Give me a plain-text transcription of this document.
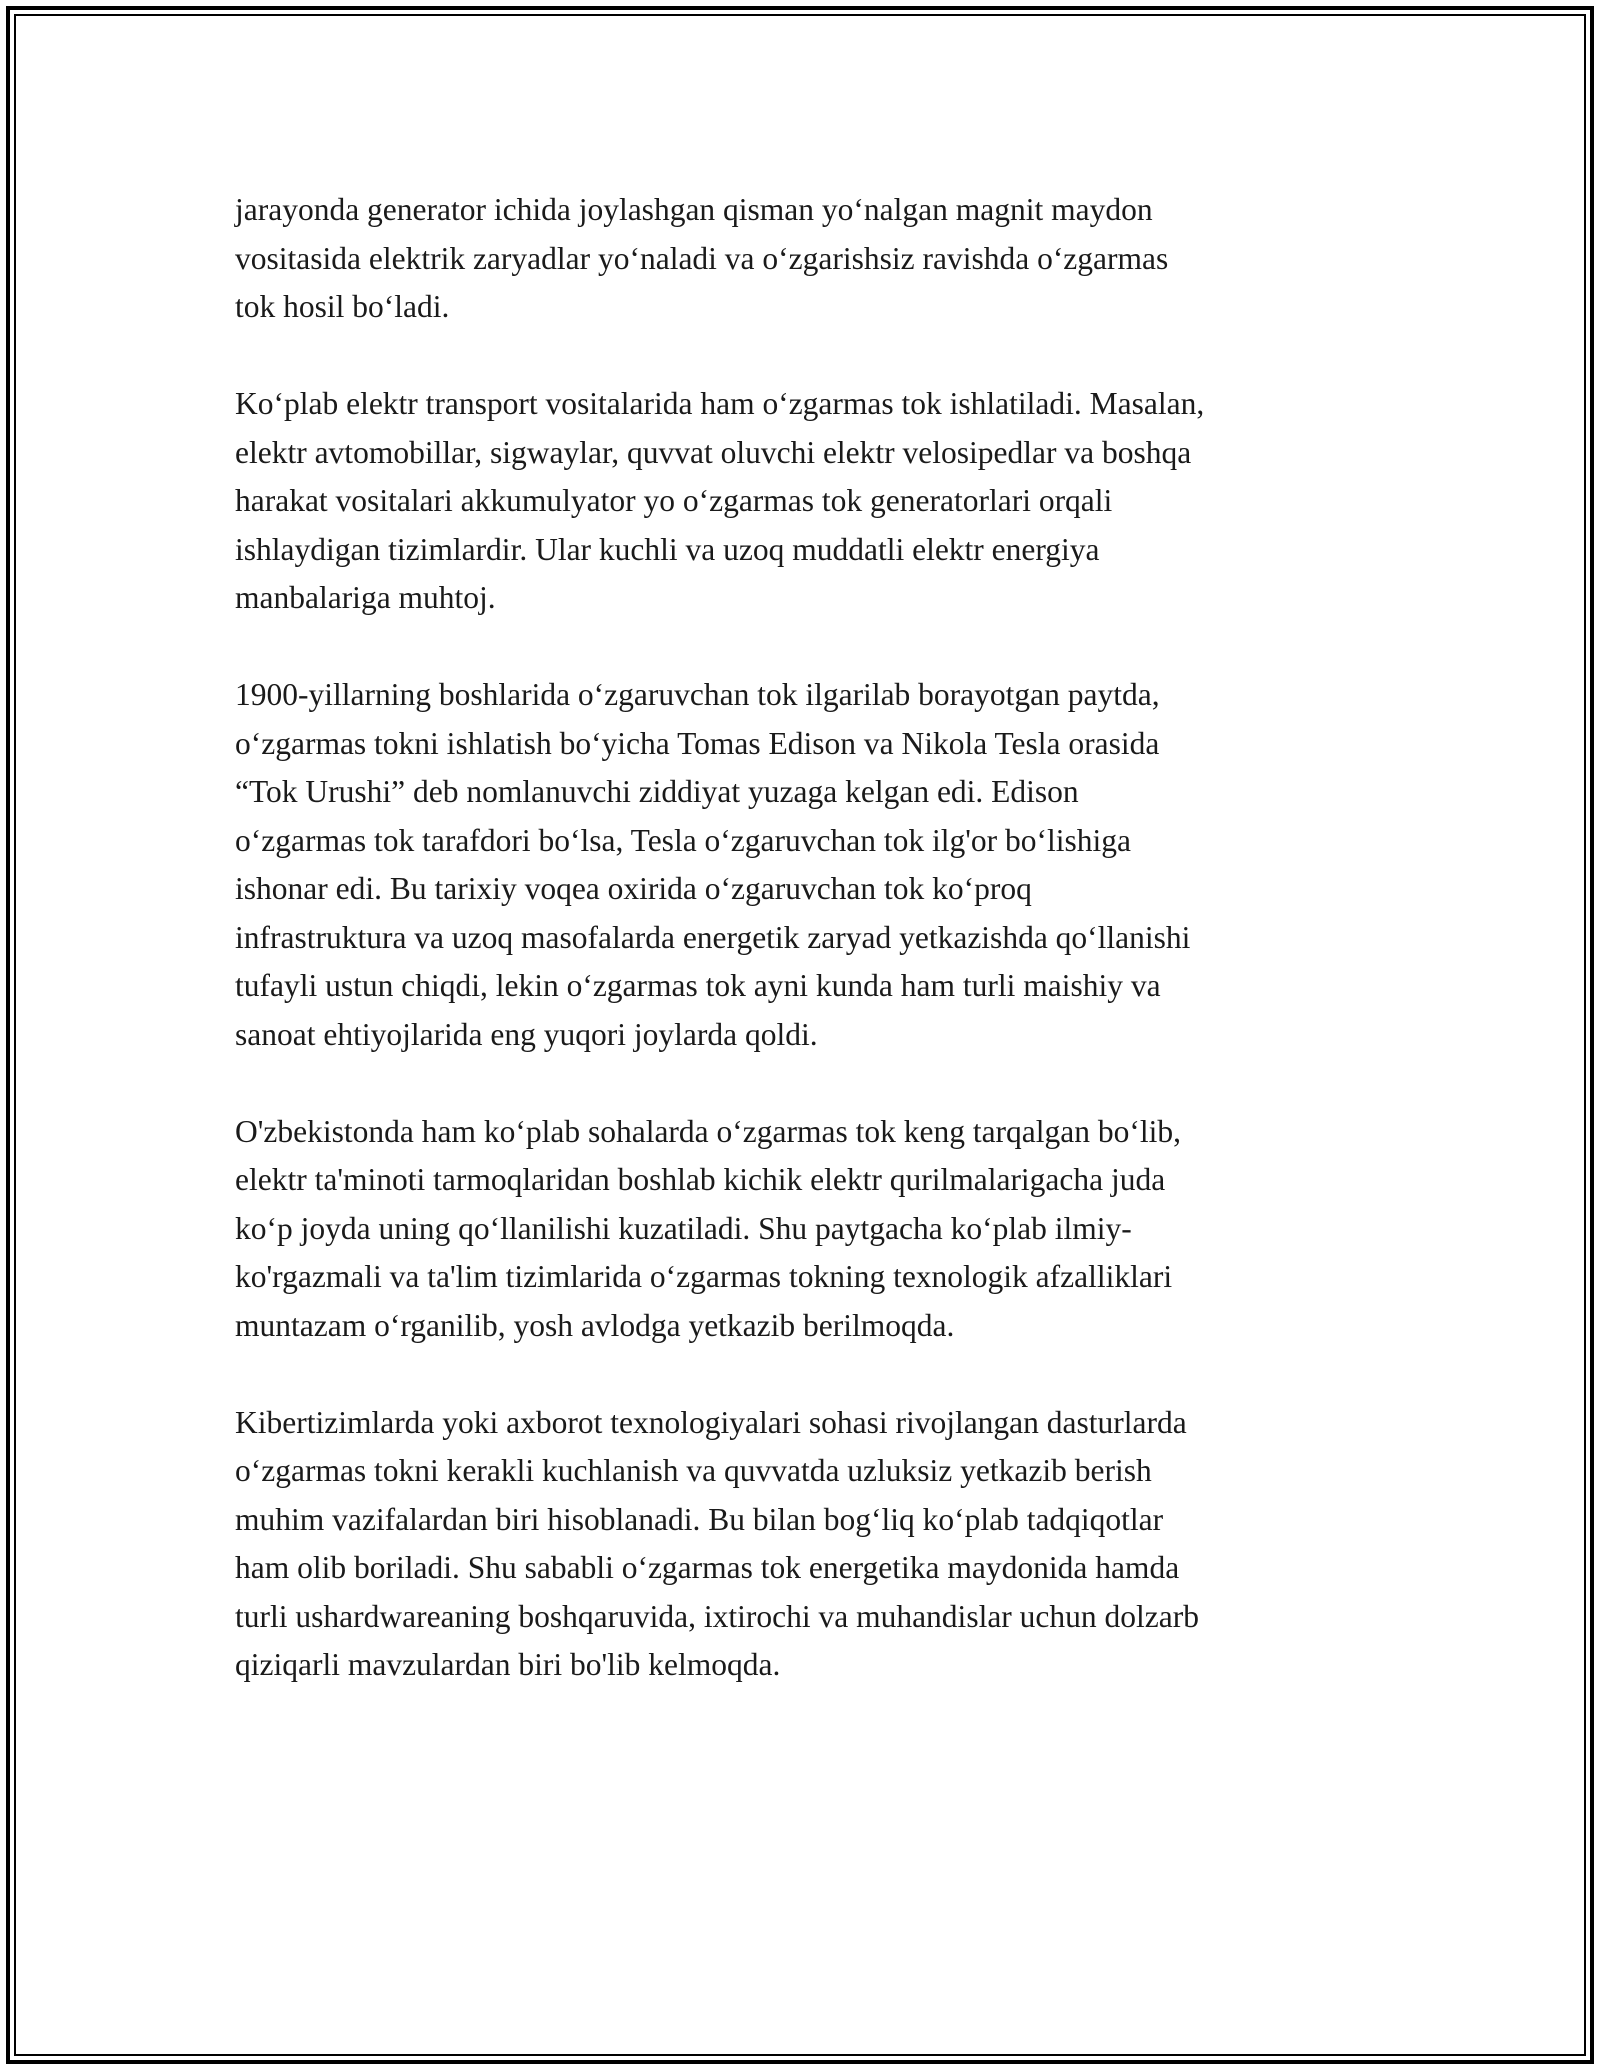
jarayonda generator ichida joylashgan qisman yo‘nalgan magnit maydon
vositasida elektrik zaryadlar yo‘naladi va o‘zgarishsiz ravishda o‘zgarmas
tok hosil bo‘ladi.

Ko‘plab elektr transport vositalarida ham o‘zgarmas tok ishlatiladi. Masalan,
elektr avtomobillar, sigwaylar, quvvat oluvchi elektr velosipedlar va boshqa
harakat vositalari akkumulyator yo o‘zgarmas tok generatorlari orqali
ishlaydigan tizimlardir. Ular kuchli va uzoq muddatli elektr energiya
manbalariga muhtoj.

1900-yillarning boshlarida o‘zgaruvchan tok ilgarilab borayotgan paytda,
o‘zgarmas tokni ishlatish bo‘yicha Tomas Edison va Nikola Tesla orasida
“Tok Urushi” deb nomlanuvchi ziddiyat yuzaga kelgan edi. Edison
o‘zgarmas tok tarafdori bo‘lsa, Tesla o‘zgaruvchan tok ilg'or bo‘lishiga
ishonar edi. Bu tarixiy voqea oxirida o‘zgaruvchan tok ko‘proq
infrastruktura va uzoq masofalarda energetik zaryad yetkazishda qo‘llanishi
tufayli ustun chiqdi, lekin o‘zgarmas tok ayni kunda ham turli maishiy va
sanoat ehtiyojlarida eng yuqori joylarda qoldi.

O'zbekistonda ham ko‘plab sohalarda o‘zgarmas tok keng tarqalgan bo‘lib,
elektr ta'minoti tarmoqlaridan boshlab kichik elektr qurilmalarigacha juda
ko‘p joyda uning qo‘llanilishi kuzatiladi. Shu paytgacha ko‘plab ilmiy-
ko'rgazmali va ta'lim tizimlarida o‘zgarmas tokning texnologik afzalliklari
muntazam o‘rganilib, yosh avlodga yetkazib berilmoqda.

Kibertizimlarda yoki axborot texnologiyalari sohasi rivojlangan dasturlarda
o‘zgarmas tokni kerakli kuchlanish va quvvatda uzluksiz yetkazib berish
muhim vazifalardan biri hisoblanadi. Bu bilan bog‘liq ko‘plab tadqiqotlar
ham olib boriladi. Shu sababli o‘zgarmas tok energetika maydonida hamda
turli ushardwareaning boshqaruvida, ixtirochi va muhandislar uchun dolzarb
qiziqarli mavzulardan biri bo'lib kelmoqda.
